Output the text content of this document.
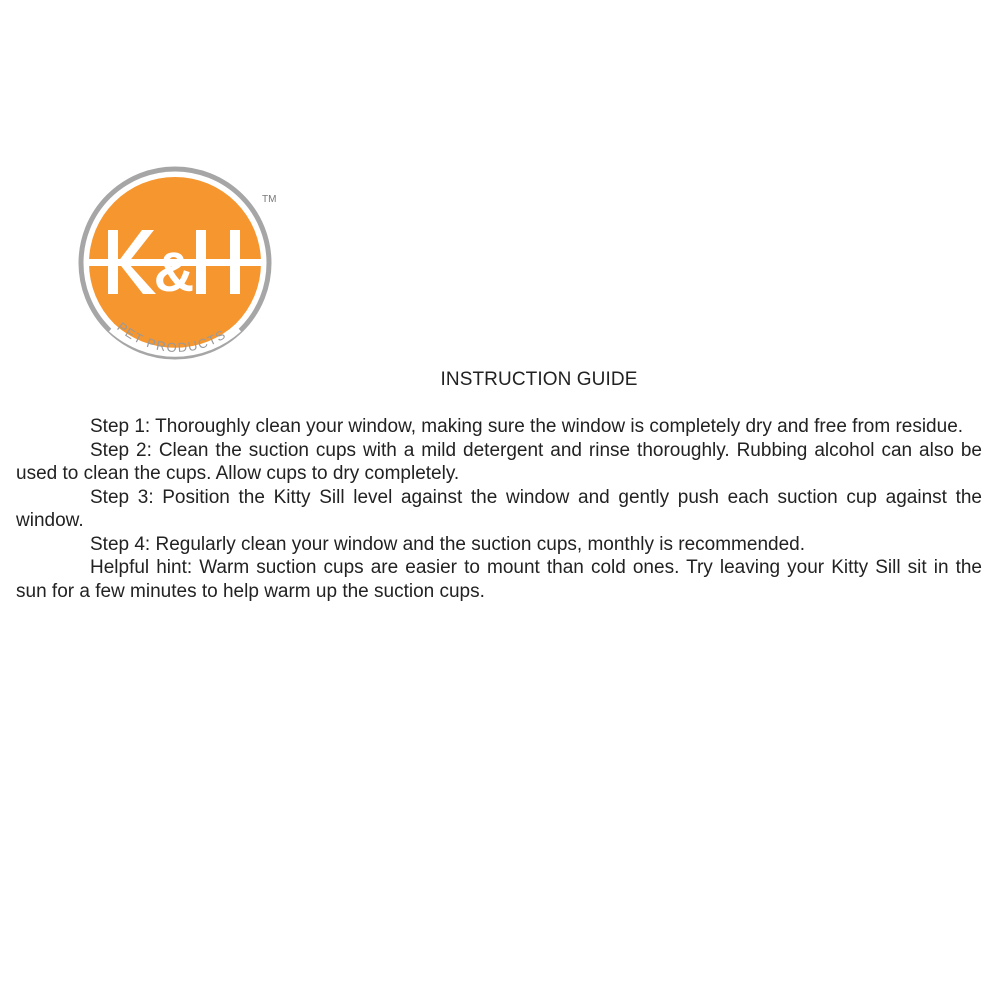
&
PET PRODUCTS
TM
INSTRUCTION GUIDE

Step 1: Thoroughly clean your window, making sure the window is completely dry and free from residue.

Step 2: Clean the suction cups with a mild detergent and rinse thoroughly. Rubbing alcohol can also be used to clean the cups. Allow cups to dry completely.

Step 3: Position the Kitty Sill level against the window and gently push each suction cup against the window.

Step 4: Regularly clean your window and the suction cups, monthly is recommended.

Helpful hint: Warm suction cups are easier to mount than cold ones. Try leaving your Kitty Sill sit in the sun for a few minutes to help warm up the suction cups.
